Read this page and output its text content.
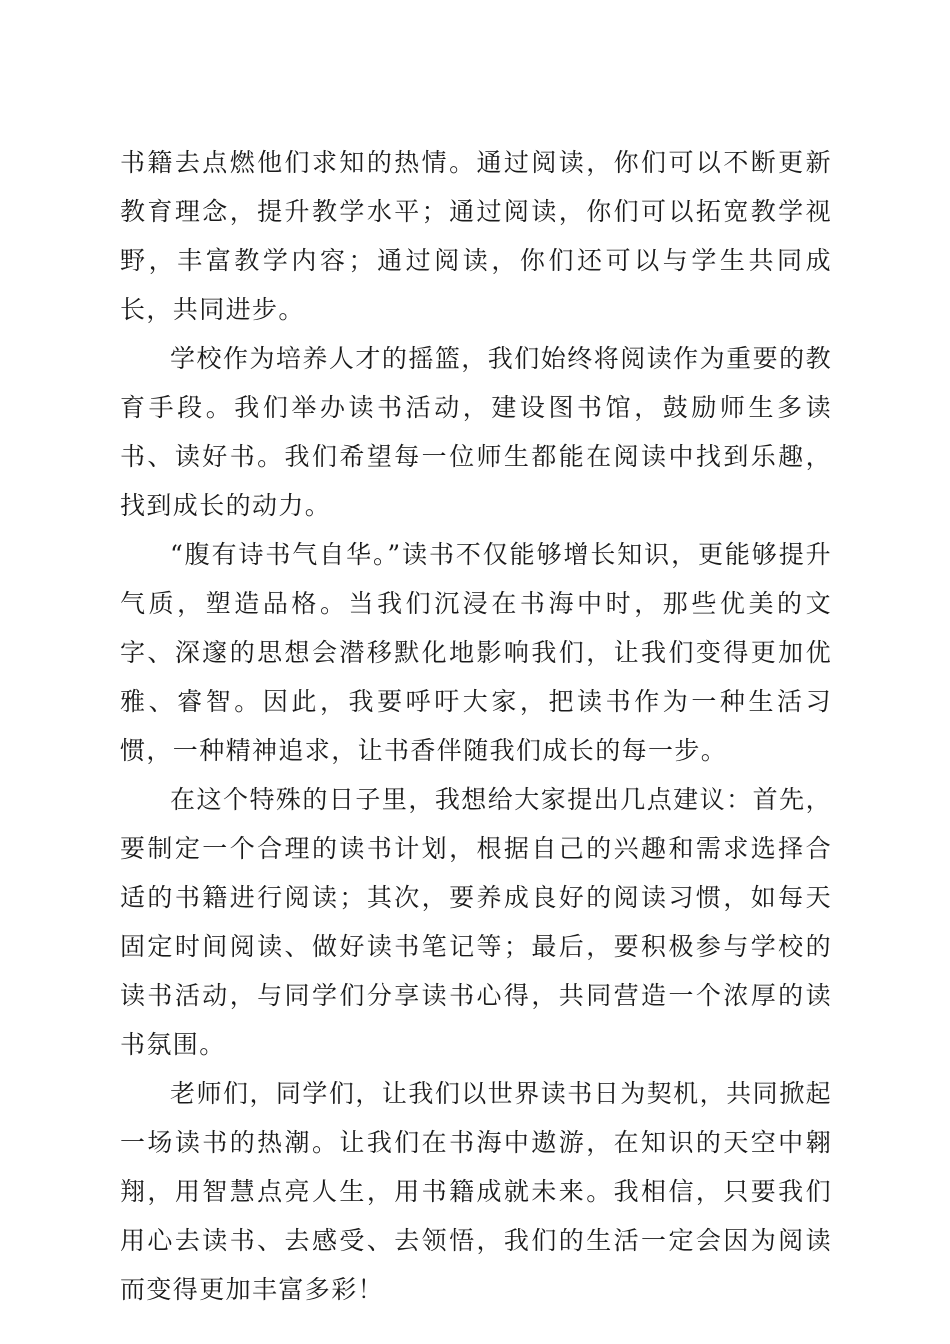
书籍去点燃他们求知的热情。通过阅读，你们可以不断更新教育理念，提升教学水平；通过阅读，你们可以拓宽教学视野，丰富教学内容；通过阅读，你们还可以与学生共同成长，共同进步。

学校作为培养人才的摇篮，我们始终将阅读作为重要的教育手段。我们举办读书活动，建设图书馆，鼓励师生多读书、读好书。我们希望每一位师生都能在阅读中找到乐趣，找到成长的动力。

“腹有诗书气自华。”读书不仅能够增长知识，更能够提升气质，塑造品格。当我们沉浸在书海中时，那些优美的文字、深邃的思想会潜移默化地影响我们，让我们变得更加优雅、睿智。因此，我要呼吁大家，把读书作为一种生活习惯，一种精神追求，让书香伴随我们成长的每一步。

在这个特殊的日子里，我想给大家提出几点建议：首先，要制定一个合理的读书计划，根据自己的兴趣和需求选择合适的书籍进行阅读；其次，要养成良好的阅读习惯，如每天固定时间阅读、做好读书笔记等；最后，要积极参与学校的读书活动，与同学们分享读书心得，共同营造一个浓厚的读书氛围。

老师们，同学们，让我们以世界读书日为契机，共同掀起一场读书的热潮。让我们在书海中遨游，在知识的天空中翱翔，用智慧点亮人生，用书籍成就未来。我相信，只要我们用心去读书、去感受、去领悟，我们的生活一定会因为阅读而变得更加丰富多彩！
